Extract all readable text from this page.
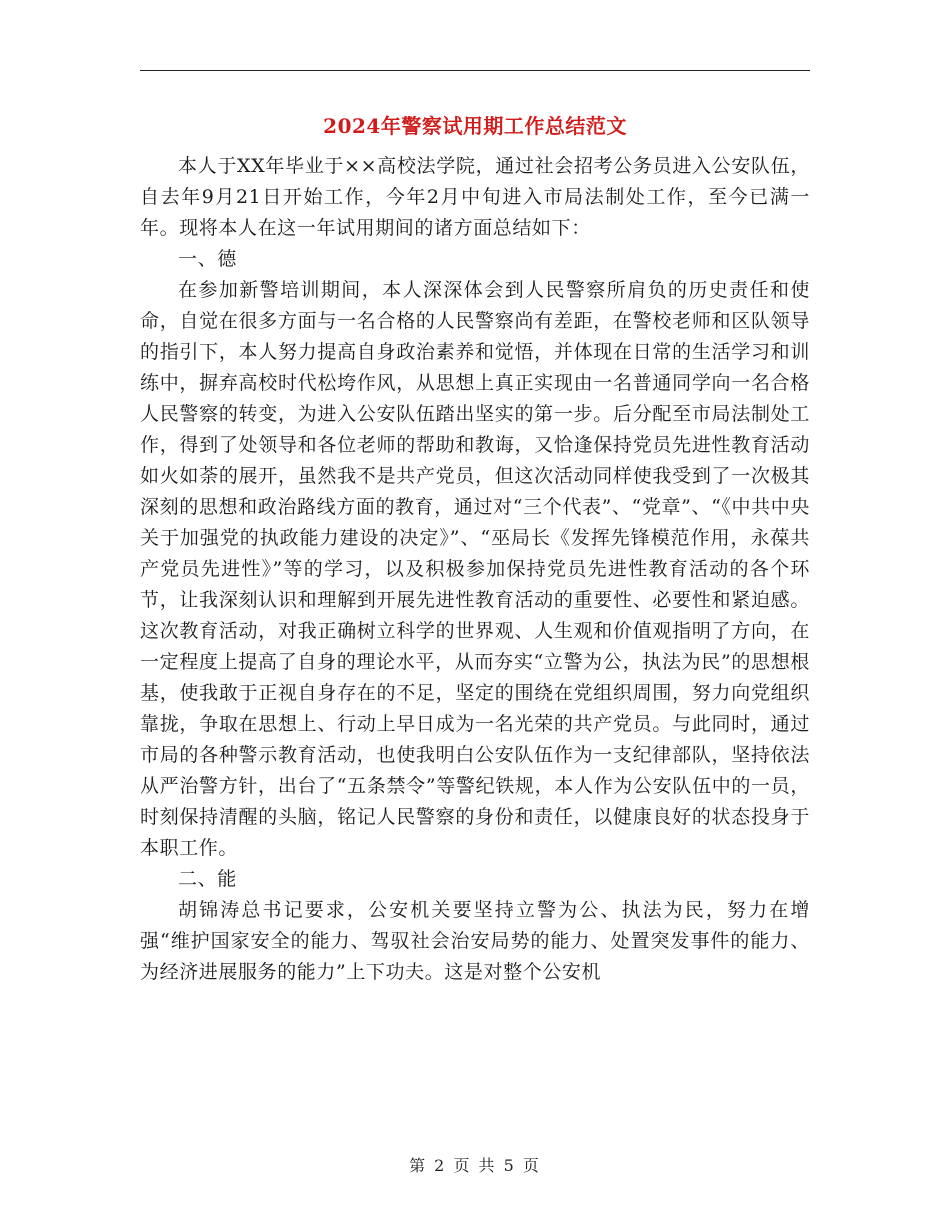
2024年警察试用期工作总结范文

本人于XX年毕业于××高校法学院，通过社会招考公务员进入公安队伍，自去年9月21日开始工作，今年2月中旬进入市局法制处工作，至今已满一年。现将本人在这一年试用期间的诸方面总结如下：

一、德

在参加新警培训期间，本人深深体会到人民警察所肩负的历史责任和使命，自觉在很多方面与一名合格的人民警察尚有差距，在警校老师和区队领导的指引下，本人努力提高自身政治素养和觉悟，并体现在日常的生活学习和训练中，摒弃高校时代松垮作风，从思想上真正实现由一名普通同学向一名合格人民警察的转变，为进入公安队伍踏出坚实的第一步。后分配至市局法制处工作，得到了处领导和各位老师的帮助和教诲，又恰逢保持党员先进性教育活动如火如荼的展开，虽然我不是共产党员，但这次活动同样使我受到了一次极其深刻的思想和政治路线方面的教育，通过对“三个代表”、“党章”、“《中共中央关于加强党的执政能力建设的决定》”、“巫局长《发挥先锋模范作用，永葆共产党员先进性》”等的学习，以及积极参加保持党员先进性教育活动的各个环节，让我深刻认识和理解到开展先进性教育活动的重要性、必要性和紧迫感。这次教育活动，对我正确树立科学的世界观、人生观和价值观指明了方向，在一定程度上提高了自身的理论水平，从而夯实“立警为公，执法为民”的思想根基，使我敢于正视自身存在的不足，坚定的围绕在党组织周围，努力向党组织靠拢，争取在思想上、行动上早日成为一名光荣的共产党员。与此同时，通过市局的各种警示教育活动，也使我明白公安队伍作为一支纪律部队，坚持依法从严治警方针，出台了“五条禁令”等警纪铁规，本人作为公安队伍中的一员，时刻保持清醒的头脑，铭记人民警察的身份和责任，以健康良好的状态投身于本职工作。

二、能

胡锦涛总书记要求，公安机关要坚持立警为公、执法为民，努力在增强“维护国家安全的能力、驾驭社会治安局势的能力、处置突发事件的能力、为经济进展服务的能力”上下功夫。这是对整个公安机

第 2 页 共 5 页
